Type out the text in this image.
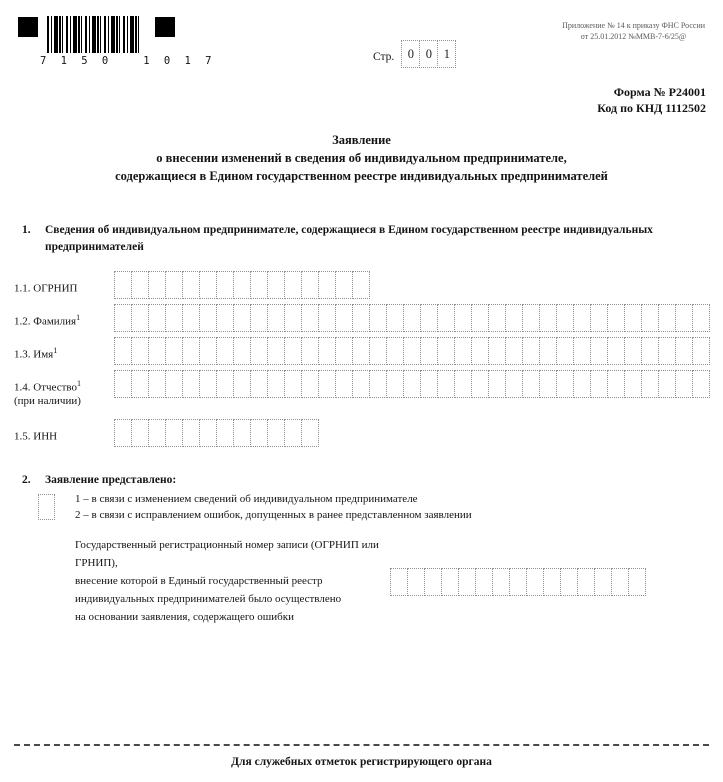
7 1 5 0   1 0 1 7	Стр.	0 0 1
Приложение № 14 к приказу ФНС России
от 25.01.2012 №ММВ-7-6/25@
Форма № Р24001
Код по КНД 1112502
Заявление
о внесении изменений в сведения об индивидуальном предпринимателе,
содержащиеся в Едином государственном реестре индивидуальных предпринимателей
1.	Сведения об индивидуальном предпринимателе, содержащиеся в Едином государственном реестре индивидуальных предпринимателей
1.1. ОГРНИП
1.2. Фамилия$^1$
1.3. Имя$^1$
1.4. Отчество$^1$
(при наличии)
1.5. ИНН
2.	Заявление представлено:
1 – в связи с изменением сведений об индивидуальном предпринимателе
2 – в связи с исправлением ошибок, допущенных в ранее представленном заявлении
Государственный регистрационный номер записи (ОГРНИП или ГРНИП),
внесение которой в Единый государственный реестр
индивидуальных предпринимателей было осуществлено
на основании заявления, содержащего ошибки
Для служебных отметок регистрирующего органа
